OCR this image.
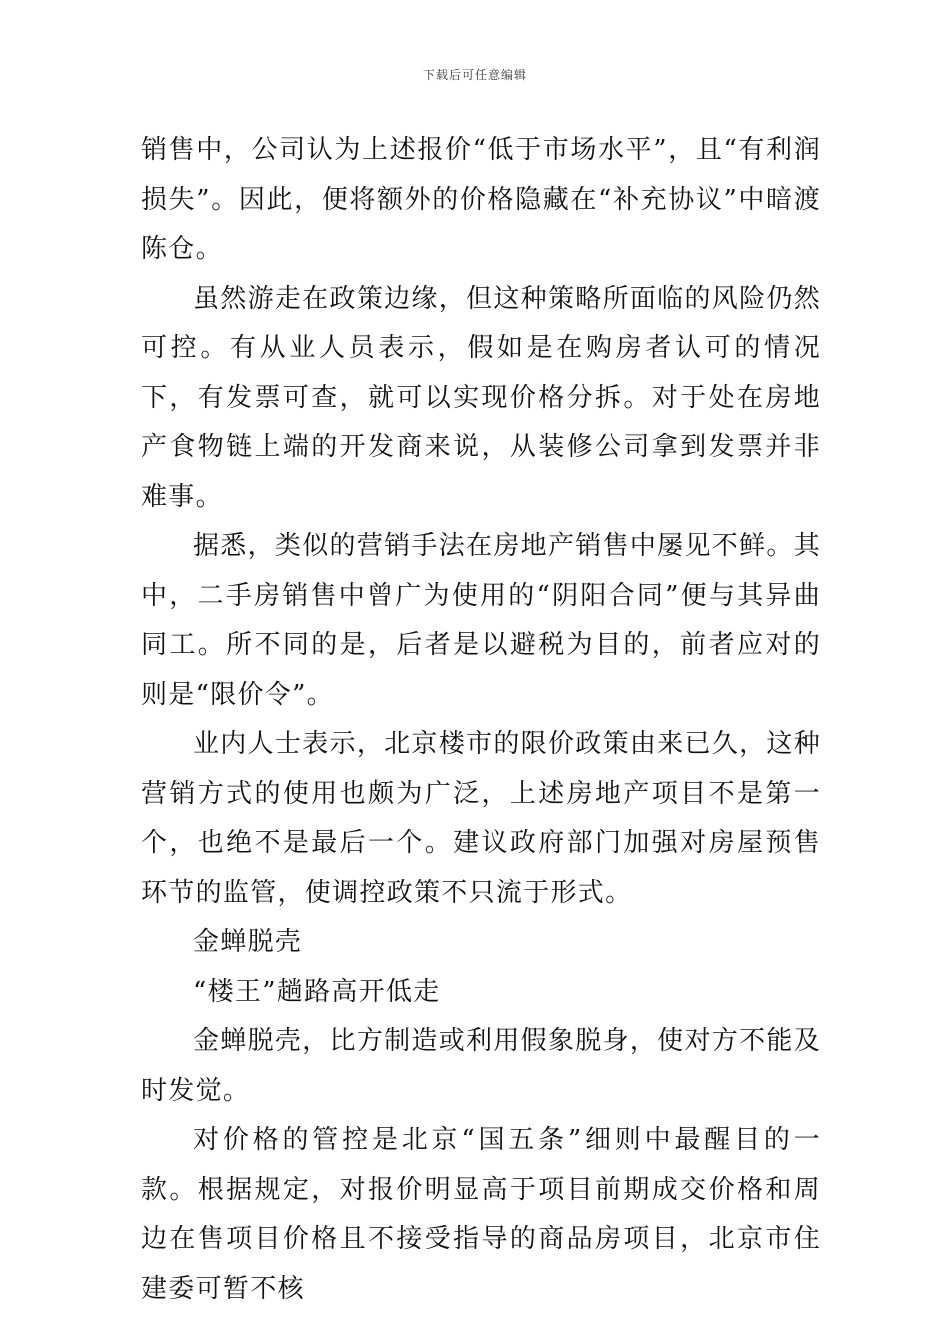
下载后可任意编辑

销售中，公司认为上述报价“低于市场水平”，且“有利润损失”。因此，便将额外的价格隐藏在“补充协议”中暗渡陈仓。

虽然游走在政策边缘，但这种策略所面临的风险仍然可控。有从业人员表示，假如是在购房者认可的情况下，有发票可查，就可以实现价格分拆。对于处在房地产食物链上端的开发商来说，从装修公司拿到发票并非难事。

据悉，类似的营销手法在房地产销售中屡见不鲜。其中，二手房销售中曾广为使用的“阴阳合同”便与其异曲同工。所不同的是，后者是以避税为目的，前者应对的则是“限价令”。

业内人士表示，北京楼市的限价政策由来已久，这种营销方式的使用也颇为广泛，上述房地产项目不是第一个，也绝不是最后一个。建议政府部门加强对房屋预售环节的监管，使调控政策不只流于形式。

金蝉脱壳

“楼王”趟路高开低走

金蝉脱壳，比方制造或利用假象脱身，使对方不能及时发觉。

对价格的管控是北京“国五条”细则中最醒目的一款。根据规定，对报价明显高于项目前期成交价格和周边在售项目价格且不接受指导的商品房项目，北京市住建委可暂不核
